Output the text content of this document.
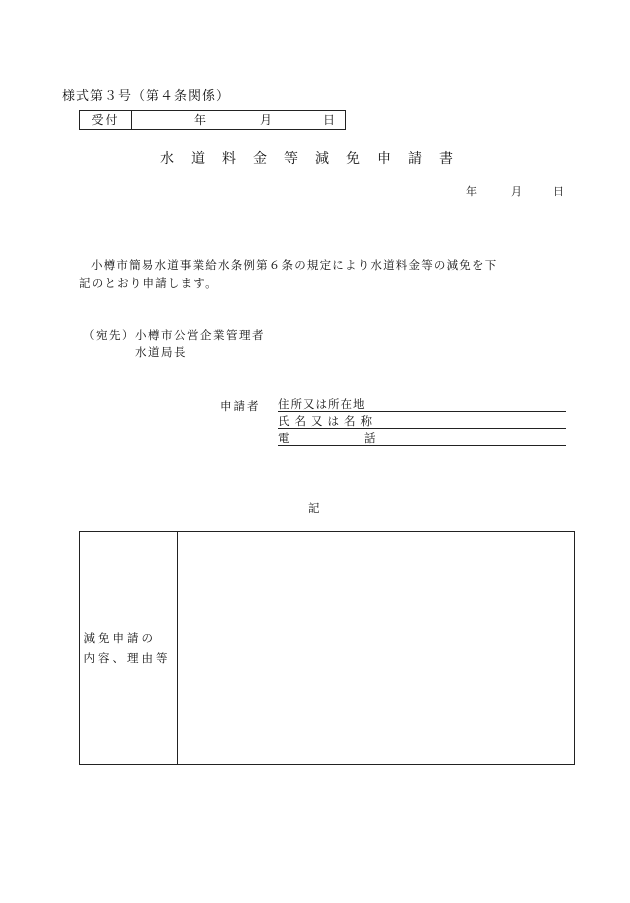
様式第３号（第４条関係）
受付	年	月	日
水道料金等減免申請書
年	月	日
小樽市簡易水道事業給水条例第６条の規定により水道料金等の減免を下
記のとおり申請します。
（宛先）小樽市公営企業管理者
水道局長
申請者 住所又は所在地
氏名又は名称
電	話
記
減免申請の
内容、理由等
